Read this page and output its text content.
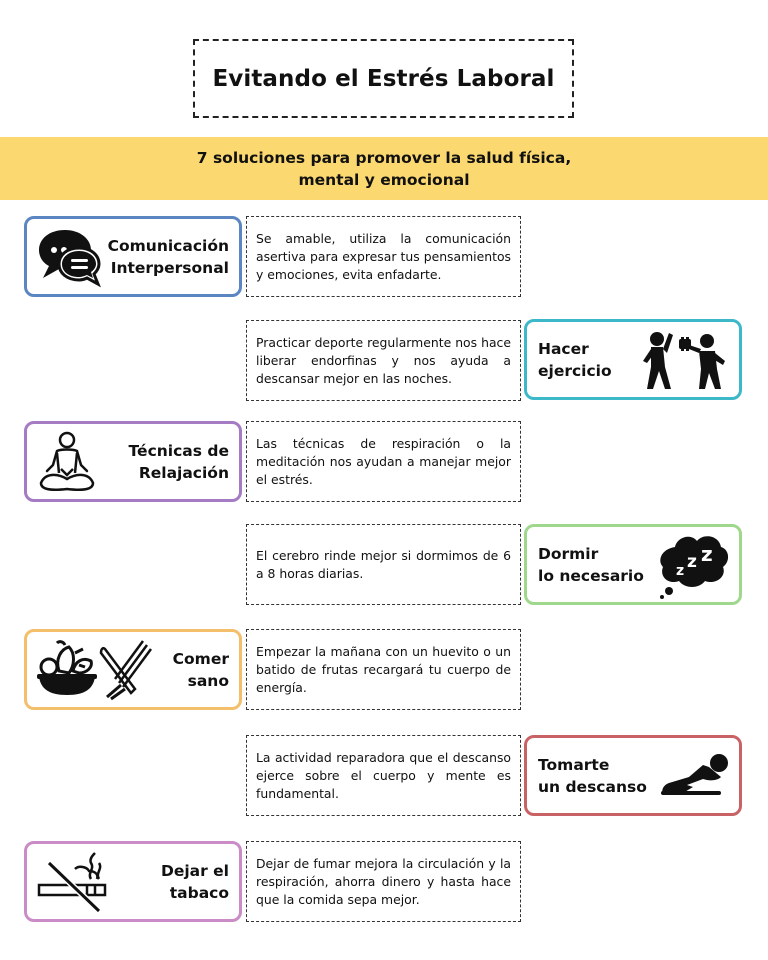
Evitando el Estrés Laboral

7 soluciones para promover la salud física, mental y emocional

Comunicación
Interpersonal

Se amable, utiliza la comunicación asertiva para expresar tus pensamientos y emociones, evita enfadarte.

Practicar deporte regularmente nos hace liberar endorfinas y nos ayuda a descansar mejor en las noches.

Hacer
ejercicio
Técnicas de
Relajación

Las técnicas de respiración o la meditación nos ayudan a manejar mejor el estrés.

El cerebro rinde mejor si dormimos de 6 a 8 horas diarias.

Dormir
lo necesario	z z z
Comer
sano

Empezar la mañana con un huevito o un batido de frutas recargará tu cuerpo de energía.

La actividad reparadora que el descanso ejerce sobre el cuerpo y mente es fundamental.

Tomarte
un descanso
Dejar el
tabaco

Dejar de fumar mejora la circulación y la respiración, ahorra dinero y hasta hace que la comida sepa mejor.
